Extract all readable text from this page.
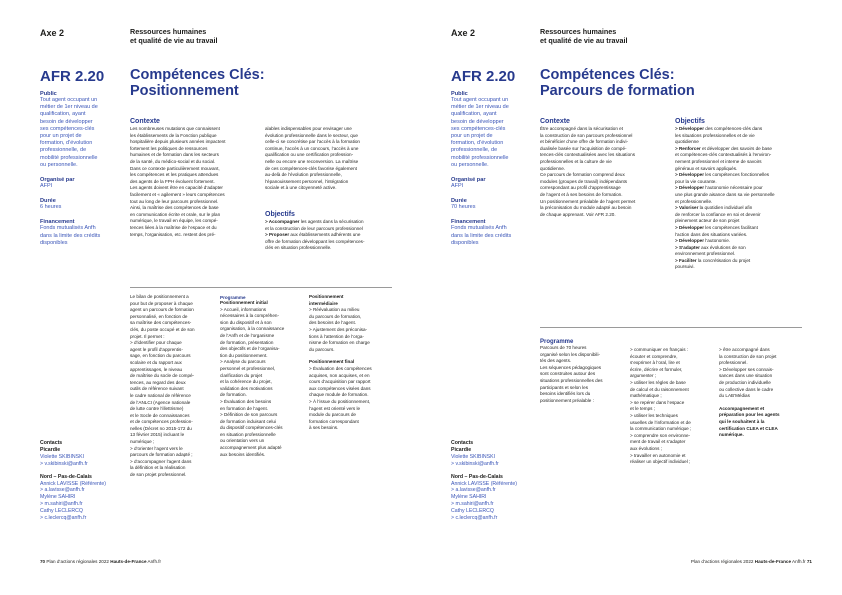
Axe 2	Ressources humaines
et qualité de vie au travail
AFR 2.20 Compétences Clés:
Positionnement
Public
Tout agent occupant un
métier de 1er niveau de
qualification, ayant
besoin de développer
ses compétences-clés
pour un projet de
formation, d’évolution
professionnelle, de
mobilité professionnelle
ou personnelle.
Organisé par
AFPI
Durée
6 heures
Financement
Fonds mutualisés Anfh
dans la limite des crédits
disponibles
Contexte
Les nombreuses mutations que connaissent
les établissements de la Fonction publique
hospitalière depuis plusieurs années impactent
fortement les politiques de ressources
humaines et de formation dans les secteurs
de la santé, du médico-social et du social.
Dans ce contexte particulièrement mouvant,
les compétences et les pratiques attendues
des agents de la FPH évoluent fortement.
Les agents doivent être en capacité d’adapter
facilement et « agilement » leurs compétences
tout au long de leur parcours professionnel.
Ainsi, la maîtrise des compétences de base
en communication écrite et orale, sur le plan
numérique, le travail en équipe, les compé-
tences liées à la maîtrise de l’espace et du
temps, l’organisation, etc. restent des pré-
alables indispensables pour envisager une
évolution professionnelle dans le secteur, que
celle-ci se concrétise par l’accès à la formation
continue, l’accès à un concours, l’accès à une
qualification ou une certification profession-
nelle ou encore une reconversion. La maîtrise
de ces compétences-clés favorise également
au-delà de l’évolution professionnelle,
l’épanouissement personnel, l’intégration
sociale et à une citoyenneté active.
Objectifs
> Accompagner les agents dans la sécurisation
et la construction de leur parcours professionnel
> Proposer aux établissements adhérents une
offre de formation développant les compétences-
clés en situation professionnelle.
Le bilan de positionnement a
pour but de proposer à chaque
agent un parcours de formation
personnalisé, en fonction de
sa maîtrise des compétences-
clés, du poste occupé et de son
projet. Il permet :
> d’identifier pour chaque
agent le profil d’apprentis-
sage, en fonction du parcours
scolaire et du rapport aux
apprentissages, le niveau
de maîtrise du socle de compé-
tences, au regard des deux
outils de référence suivant
le cadre national de référence
de l’ANLCI (Agence nationale
de lutte contre l’illettrisme)
et le Socle de connaissances
et de compétences profession-
nelles (Décret no 2015-172 du
13 février 2015) incluant le
numérique ;
> d’orienter l’agent vers le
parcours de formation adapté ;
> d’accompagner l’agent dans
la définition et la réalisation
de son projet professionnel.
Programme
Positionnement initial
> Accueil, informations
nécessaires à la compréhen-
sion du dispositif et à son
organisation, à la connaissance
de l’Anfh et de l’organisme
de formation, présentation
des objectifs et de l’organisa-
tion du positionnement.
> Analyse du parcours
personnel et professionnel,
clarification du projet
et la cohérence du projet,
validation des motivations
de formation.
> Évaluation des besoins
en formation de l’agent.
> Définition de son parcours
de formation induisant celui
du dispositif compétences-clés
en situation professionnelle
ou orientation vers un
accompagnement plus adapté
aux besoins identifiés.
Positionnement
intermédiaire
> Réévaluation au milieu
du parcours de formation,
des besoins de l’agent.
> Ajustement des préconisa-
tions à l’attention de l’orga-
nisme de formation en charge
du parcours.
Positionnement final
> Évaluation des compétences
acquises, non acquises, et en
cours d’acquisition par rapport
aux compétences visées dans
chaque module de formation.
> À l’issue du positionnement,
l’agent est orienté vers le
module du parcours de
formation correspondant
à ses besoins.
Contacts
Picardie
Violette SKIBINSKI
> v.skibinski@anfh.fr
Nord – Pas-de-Calais
Annick LAVISSE (Référente)
> a.lavisse@anfh.fr
Mylène SAHIRI
> m.sahiri@anfh.fr
Cathy LECLERCQ
> c.leclercq@anfh.fr
70 Plan d’actions régionales 2022 Hauts-de-France Anfh.fr
Axe 2	Ressources humaines
et qualité de vie au travail
AFR 2.20 Compétences Clés:
Parcours de formation
Public
Tout agent occupant un
métier de 1er niveau de
qualification, ayant
besoin de développer
ses compétences-clés
pour un projet de
formation, d’évolution
professionnelle, de
mobilité professionnelle
ou personnelle.
Organisé par
AFPI
Durée
70 heures
Financement
Fonds mutualisés Anfh
dans la limite des crédits
disponibles
Contexte
Être accompagné dans la sécurisation et
la construction de son parcours professionnel
et bénéficier d’une offre de formation indivi-
dualisée basée sur l’acquisition de compé-
tences-clés contextualisées avec les situations
professionnelles et la culture de vie
quotidienne.
Ce parcours de formation comprend deux
modules (groupes de travail) indépendants
correspondant au profil d’apprentissage
de l’agent et à ses besoins de formation.
Un positionnement préalable de l’agent permet
la préconisation du module adapté au besoin
de chaque apprenant. Voir AFR 2.20.
Objectifs
> Développer des compétences-clés dans
les situations professionnelles et de vie
quotidienne
> Renforcer et développer des savoirs de base
et compétences-clés contextualisés à l’environ-
nement professionnel et interne de savoirs
généraux et savoirs appliqués.
> Développer les compétences fonctionnelles
pour la vie courante.
> Développer l’autonomie nécessaire pour
une plus grande aisance dans sa vie personnelle
et professionnelle.
> Valoriser la quotidien individuel afin
de renforcer la confiance en soi et devenir
pleinement acteur de son projet
> Développer les compétences facilitant
l’action dans des situations variées.
> Développer l’autonomie.
> S’adapter aux évolutions de son
environnement professionnel.
> Faciliter la concrétisation du projet
poursuivi.
Programme
Parcours de 70 heures
organisé selon les disponibili-
tés des agents.
Les séquences pédagogiques
sont construites autour des
situations professionnelles des
participants et selon les
besoins identifiés lors du
positionnement préalable :
> communiquer en français :
écouter et comprendre,
s’exprimer à l’oral, lire et
écrire, décrire et formuler,
argumenter ;
> utiliser les règles de base
de calcul et du raisonnement
mathématique ;
> se repérer dans l’espace
et le temps ;
> utiliser les techniques
usuelles de l’information et de
la communication numérique ;
> comprendre son environne-
ment de travail et s’adapter
aux évolutions ;
> travailler en autonomie et
réaliser un objectif individuel ;
> être accompagné dans
la construction de son projet
professionnel.
> Développer ses connais-
sances dans une situation
de production individuelle
ou collective dans le cadre
du LAB’Médias
Accompagnement et
préparation pour les agents
qui le souhaitent à la
certification CLEA et CLEA
numérique.
Contacts
Picardie
Violette SKIBINSKI
> v.skibinski@anfh.fr
Nord – Pas-de-Calais
Annick LAVISSE (Référente)
> a.lavisse@anfh.fr
Mylène SAHIRI
> m.sahiri@anfh.fr
Cathy LECLERCQ
> c.leclercq@anfh.fr
Plan d’actions régionales 2022 Hauts-de-France Anfh.fr 71
